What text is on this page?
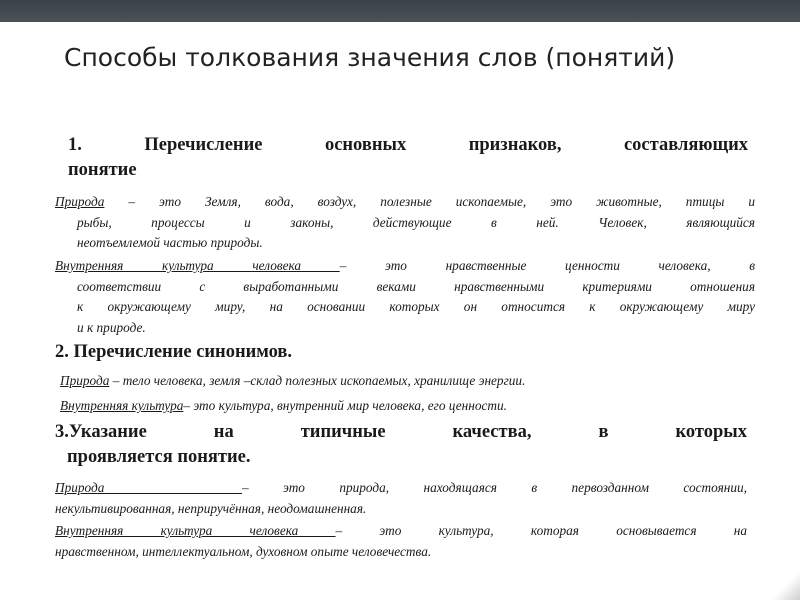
Способы толкования значения слов (понятий)
1. Перечисление основных признаков, составляющих
понятие
Природа – это Земля, вода, воздух, полезные ископаемые, это животные, птицы и
рыбы, процессы и законы, действующие в ней. Человек, являющийся
неотъемлемой частью природы.
Внутренняя культура человека – это нравственные ценности человека, в
соответствии с выработанными веками нравственными критериями отношения
к окружающему миру, на основании которых он относится к окружающему миру
и к природе.
2. Перечисление синонимов.
Природа – тело человека, земля –склад полезных ископаемых, хранилище энергии.
Внутренняя культура– это культура, внутренний мир человека, его ценности.
3.Указание на типичные качества, в которых
проявляется понятие.
Природа    – это природа, находящаяся в первозданном состоянии,
некультивированная, неприручённая, неодомашненная.
Внутренняя культура человека – это культура, которая основывается на
нравственном, интеллектуальном, духовном опыте человечества.
